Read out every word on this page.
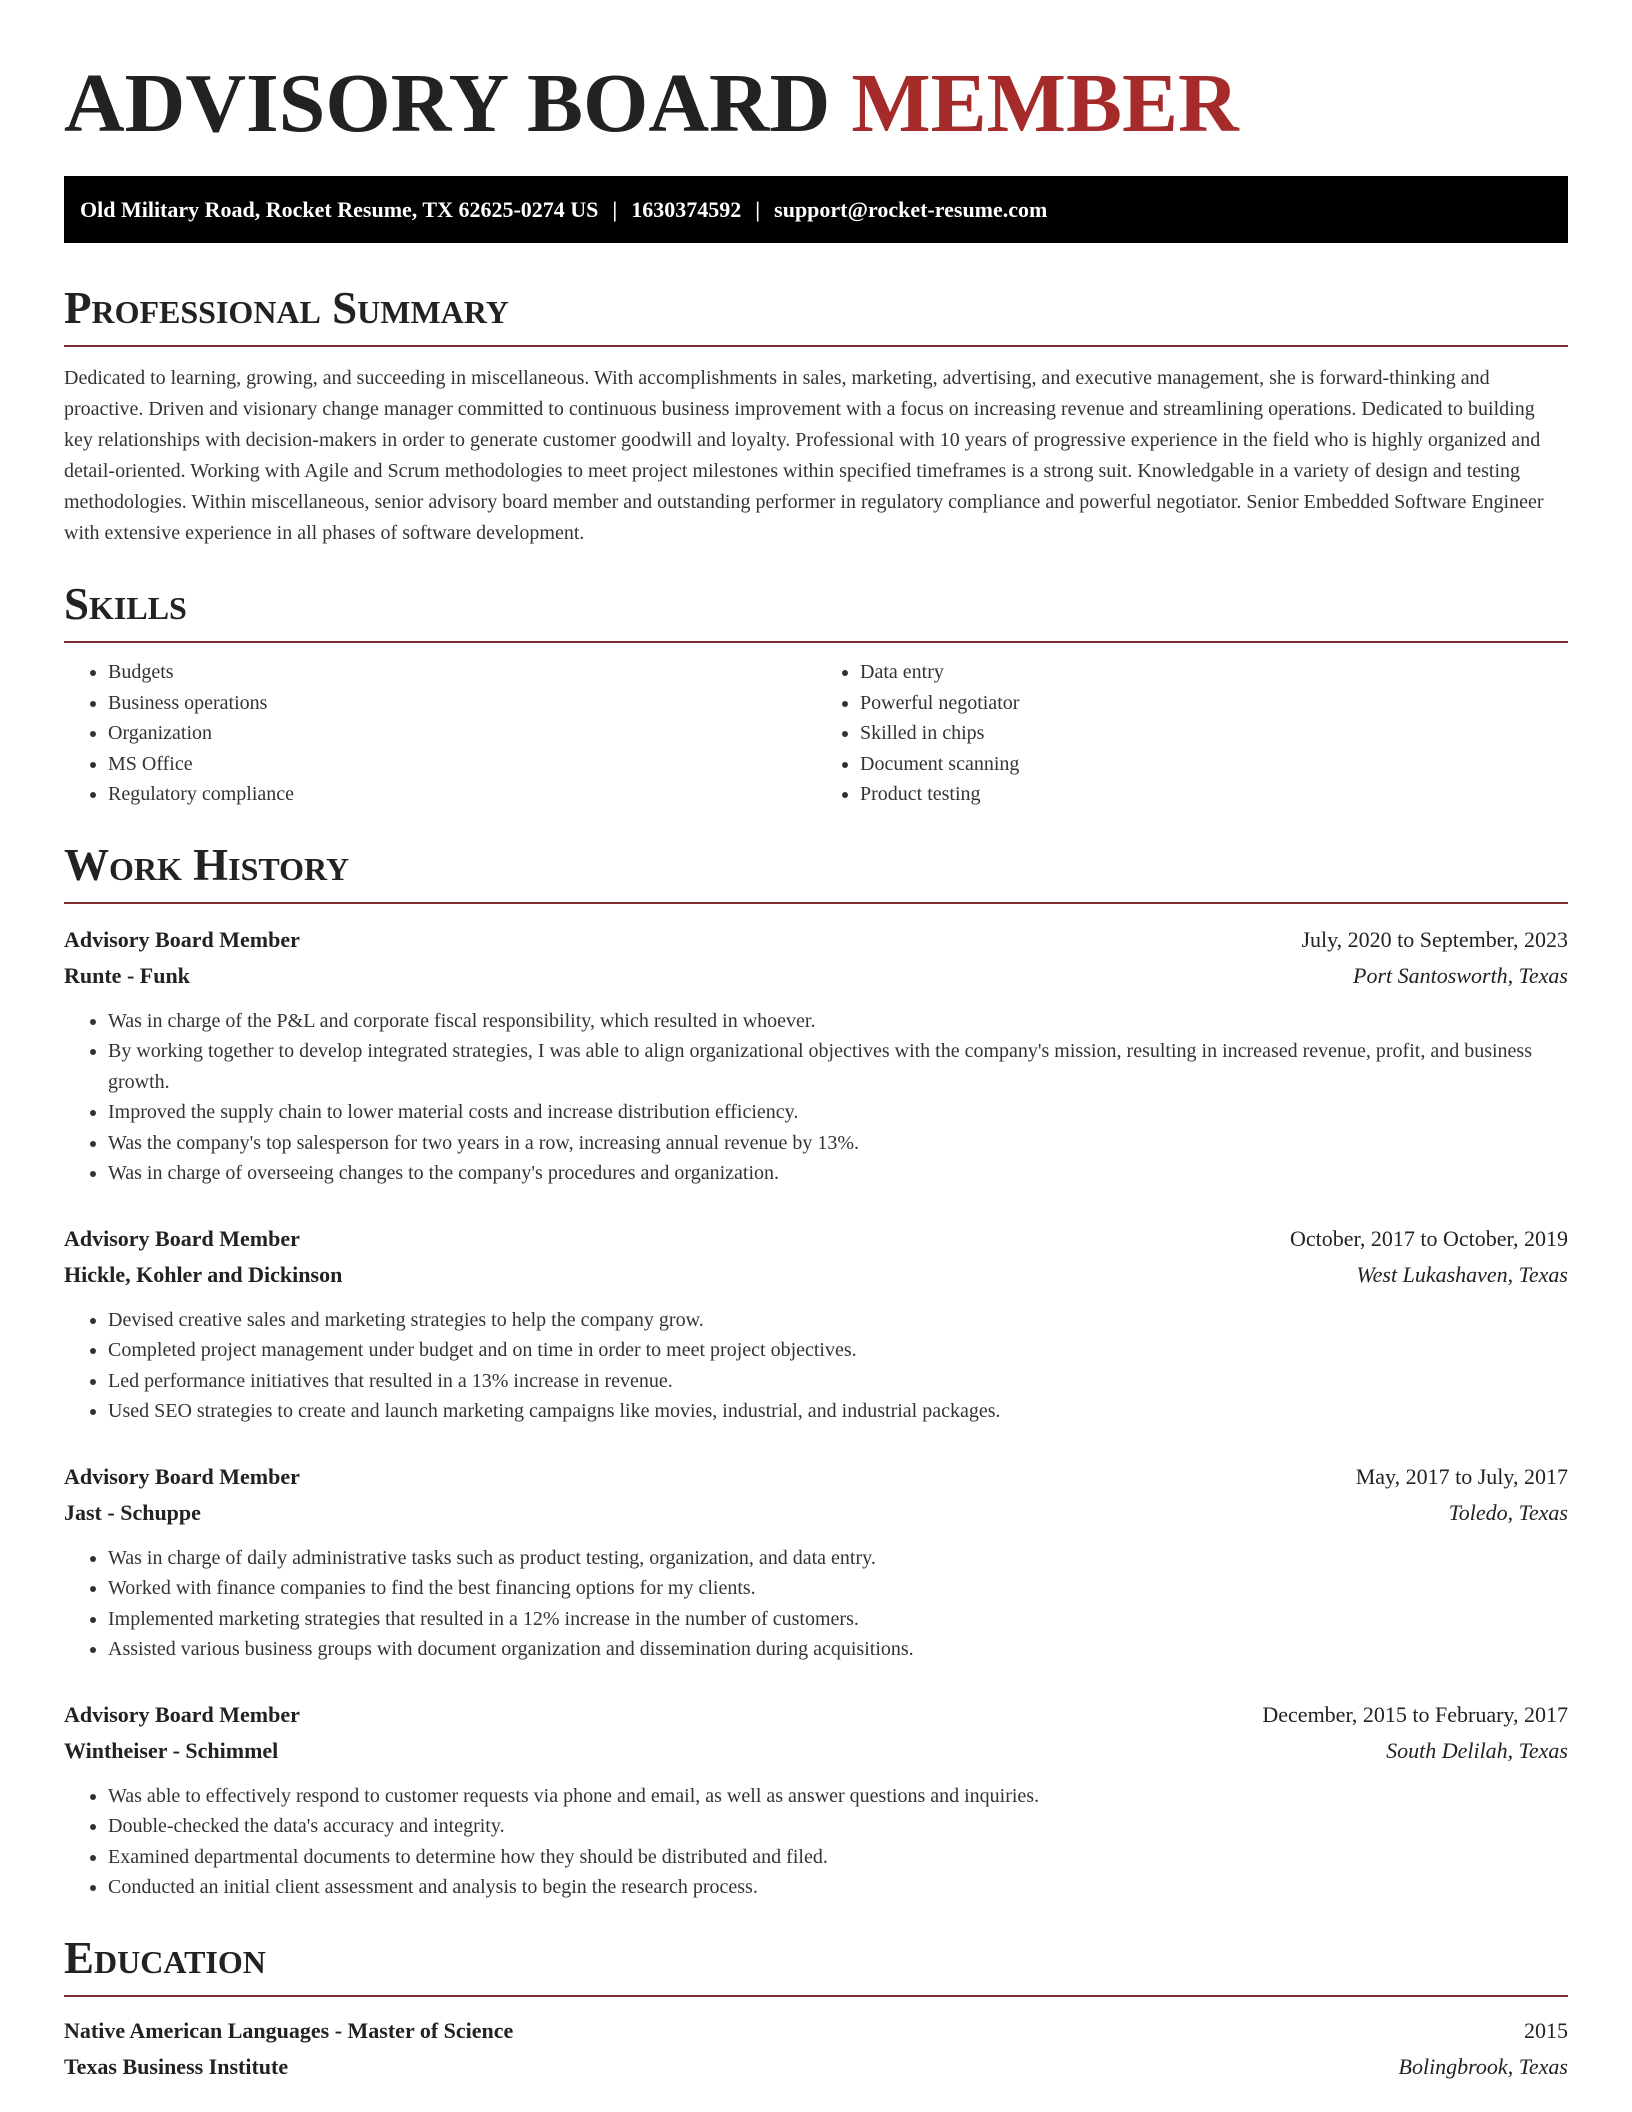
ADVISORY BOARD MEMBER
Old Military Road, Rocket Resume, TX 62625-0274 US | 1630374592 | support@rocket-resume.com
Professional Summary

Dedicated to learning, growing, and succeeding in miscellaneous. With accomplishments in sales, marketing, advertising, and executive management, she is forward-thinking and proactive. Driven and visionary change manager committed to continuous business improvement with a focus on increasing revenue and streamlining operations. Dedicated to building key relationships with decision-makers in order to generate customer goodwill and loyalty. Professional with 10 years of progressive experience in the field who is highly organized and detail-oriented. Working with Agile and Scrum methodologies to meet project milestones within specified timeframes is a strong suit. Knowledgable in a variety of design and testing methodologies. Within miscellaneous, senior advisory board member and outstanding performer in regulatory compliance and powerful negotiator. Senior Embedded Software Engineer with extensive experience in all phases of software development.

Skills
• Budgets
• Business operations
• Organization
• MS Office
• Regulatory compliance
• Data entry
• Powerful negotiator
• Skilled in chips
• Document scanning
• Product testing
Work History
Advisory Board Member	July, 2020 to September, 2023
Runte - Funk	Port Santosworth, Texas
• Was in charge of the P&L and corporate fiscal responsibility, which resulted in whoever.
• By working together to develop integrated strategies, I was able to align organizational objectives with the company's mission, resulting in increased revenue, profit, and business growth.
• Improved the supply chain to lower material costs and increase distribution efficiency.
• Was the company's top salesperson for two years in a row, increasing annual revenue by 13%.
• Was in charge of overseeing changes to the company's procedures and organization.
Advisory Board Member	October, 2017 to October, 2019
Hickle, Kohler and Dickinson	West Lukashaven, Texas
• Devised creative sales and marketing strategies to help the company grow.
• Completed project management under budget and on time in order to meet project objectives.
• Led performance initiatives that resulted in a 13% increase in revenue.
• Used SEO strategies to create and launch marketing campaigns like movies, industrial, and industrial packages.
Advisory Board Member	May, 2017 to July, 2017
Jast - Schuppe	Toledo, Texas
• Was in charge of daily administrative tasks such as product testing, organization, and data entry.
• Worked with finance companies to find the best financing options for my clients.
• Implemented marketing strategies that resulted in a 12% increase in the number of customers.
• Assisted various business groups with document organization and dissemination during acquisitions.
Advisory Board Member	December, 2015 to February, 2017
Wintheiser - Schimmel	South Delilah, Texas
• Was able to effectively respond to customer requests via phone and email, as well as answer questions and inquiries.
• Double-checked the data's accuracy and integrity.
• Examined departmental documents to determine how they should be distributed and filed.
• Conducted an initial client assessment and analysis to begin the research process.
Education
Native American Languages - Master of Science	2015
Texas Business Institute	Bolingbrook, Texas
